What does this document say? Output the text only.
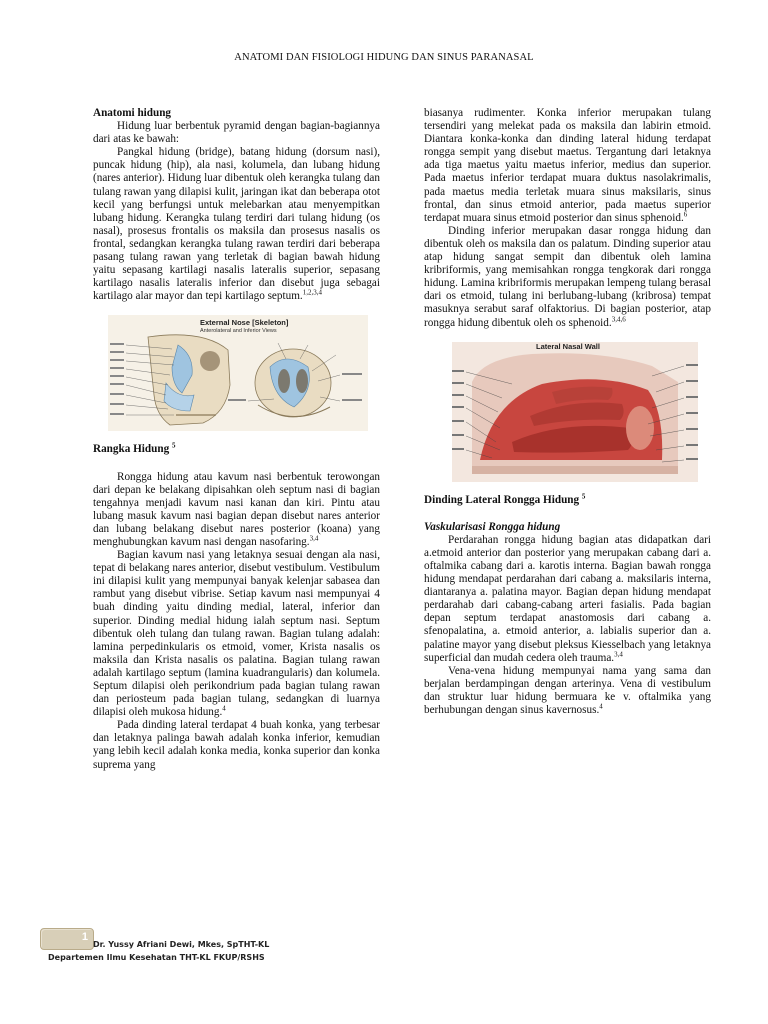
ANATOMI DAN FISIOLOGI HIDUNG DAN SINUS PARANASAL

Anatomi hidung

Hidung luar berbentuk pyramid dengan bagian-bagiannya dari atas ke bawah:

Pangkal hidung (bridge), batang hidung (dorsum nasi), puncak hidung (hip), ala nasi, kolumela, dan lubang hidung (nares anterior). Hidung luar dibentuk oleh kerangka tulang dan tulang rawan yang dilapisi kulit, jaringan ikat dan beberapa otot kecil yang berfungsi untuk melebarkan atau menyempitkan lubang hidung. Kerangka tulang terdiri dari tulang hidung (os nasal), prosesus frontalis os maksila dan prosesus nasalis os frontal, sedangkan kerangka tulang rawan terdiri dari beberapa pasang tulang rawan yang terletak di bagian bawah hidung yaitu sepasang kartilagi nasalis lateralis superior, sepasang kartilago nasalis lateralis inferior dan disebut juga sebagai kartilago alar mayor dan tepi kartilago septum.$^{1,2,3,4}$

External Nose [Skeleton]
Anterolateral and Inferior Views

Rangka Hidung $^5$

Rongga hidung atau kavum nasi berbentuk terowongan dari depan ke belakang dipisahkan oleh septum nasi di bagian tengahnya menjadi kavum nasi kanan dan kiri. Pintu atau lubang masuk kavum nasi bagian depan disebut nares anterior dan lubang belakang disebut nares posterior (koana) yang menghubungkan kavum nasi dengan nasofaring.$^{3,4}$

Bagian kavum nasi yang letaknya sesuai dengan ala nasi, tepat di belakang nares anterior, disebut vestibulum. Vestibulum ini dilapisi kulit yang mempunyai banyak kelenjar sabasea dan rambut yang disebut vibrise. Setiap kavum nasi mempunyai 4 buah dinding yaitu dinding medial, lateral, inferior dan superior. Dinding medial hidung ialah septum nasi. Septum dibentuk oleh tulang dan tulang rawan. Bagian tulang adalah: lamina perpedinkularis os etmoid, vomer, Krista nasalis os maksila dan Krista nasalis os palatina. Bagian tulang rawan adalah kartilago septum (lamina kuadrangularis) dan kolumela. Septum dilapisi oleh perikondrium pada bagian tulang rawan dan periosteum pada bagian tulang, sedangkan di luarnya dilapisi oleh mukosa hidung.$^4$

Pada dinding lateral terdapat 4 buah konka, yang terbesar dan letaknya palinga bawah adalah konka inferior, kemudian yang lebih kecil adalah konka media, konka superior dan konka suprema yang

biasanya rudimenter. Konka inferior merupakan tulang tersendiri yang melekat pada os maksila dan labirin etmoid. Diantara konka-konka dan dinding lateral hidung terdapat rongga sempit yang disebut maetus. Tergantung dari letaknya ada tiga maetus yaitu maetus inferior, medius dan superior. Pada maetus inferior terdapat muara duktus nasolakrimalis, pada maetus media terletak muara sinus maksilaris, sinus frontal, dan sinus etmoid anterior, pada maetus superior terdapat muara sinus etmoid posterior dan sinus sphenoid.$^6$

Dinding inferior merupakan dasar rongga hidung dan dibentuk oleh os maksila dan os palatum. Dinding superior atau atap hidung sangat sempit dan dibentuk oleh lamina kribriformis, yang memisahkan rongga tengkorak dari rongga hidung. Lamina kribriformis merupakan lempeng tulang berasal dari os etmoid, tulang ini berlubang-lubang (kribrosa) tempat masuknya serabut saraf olfaktorius. Di bagian posterior, atap rongga hidung dibentuk oleh os sphenoid.$^{3,4,6}$

Lateral Nasal Wall

Dinding Lateral Rongga Hidung $^5$

Vaskularisasi Rongga hidung

Perdarahan rongga hidung bagian atas didapatkan dari a.etmoid anterior dan posterior yang merupakan cabang dari a. oftalmika cabang dari a. karotis interna. Bagian bawah rongga hidung mendapat perdarahan dari cabang a. maksilaris interna, diantaranya a. palatina mayor. Bagian depan hidung mendapat perdarahab dari cabang-cabang arteri fasialis. Pada bagian depan septum terdapat anastomosis dari cabang a. sfenopalatina, a. etmoid anterior, a. labialis superior dan a. palatine mayor yang disebut pleksus Kiesselbach yang letaknya superficial dan mudah cedera oleh trauma.$^{3,4}$

Vena-vena hidung mempunyai nama yang sama dan berjalan berdampingan dengan arterinya. Vena di vestibulum dan struktur luar hidung bermuara ke v. oftalmika yang berhubungan dengan sinus kavernosus.$^4$

1
Dr. Yussy Afriani Dewi, Mkes, SpTHT-KL
Departemen Ilmu Kesehatan THT-KL FKUP/RSHS
